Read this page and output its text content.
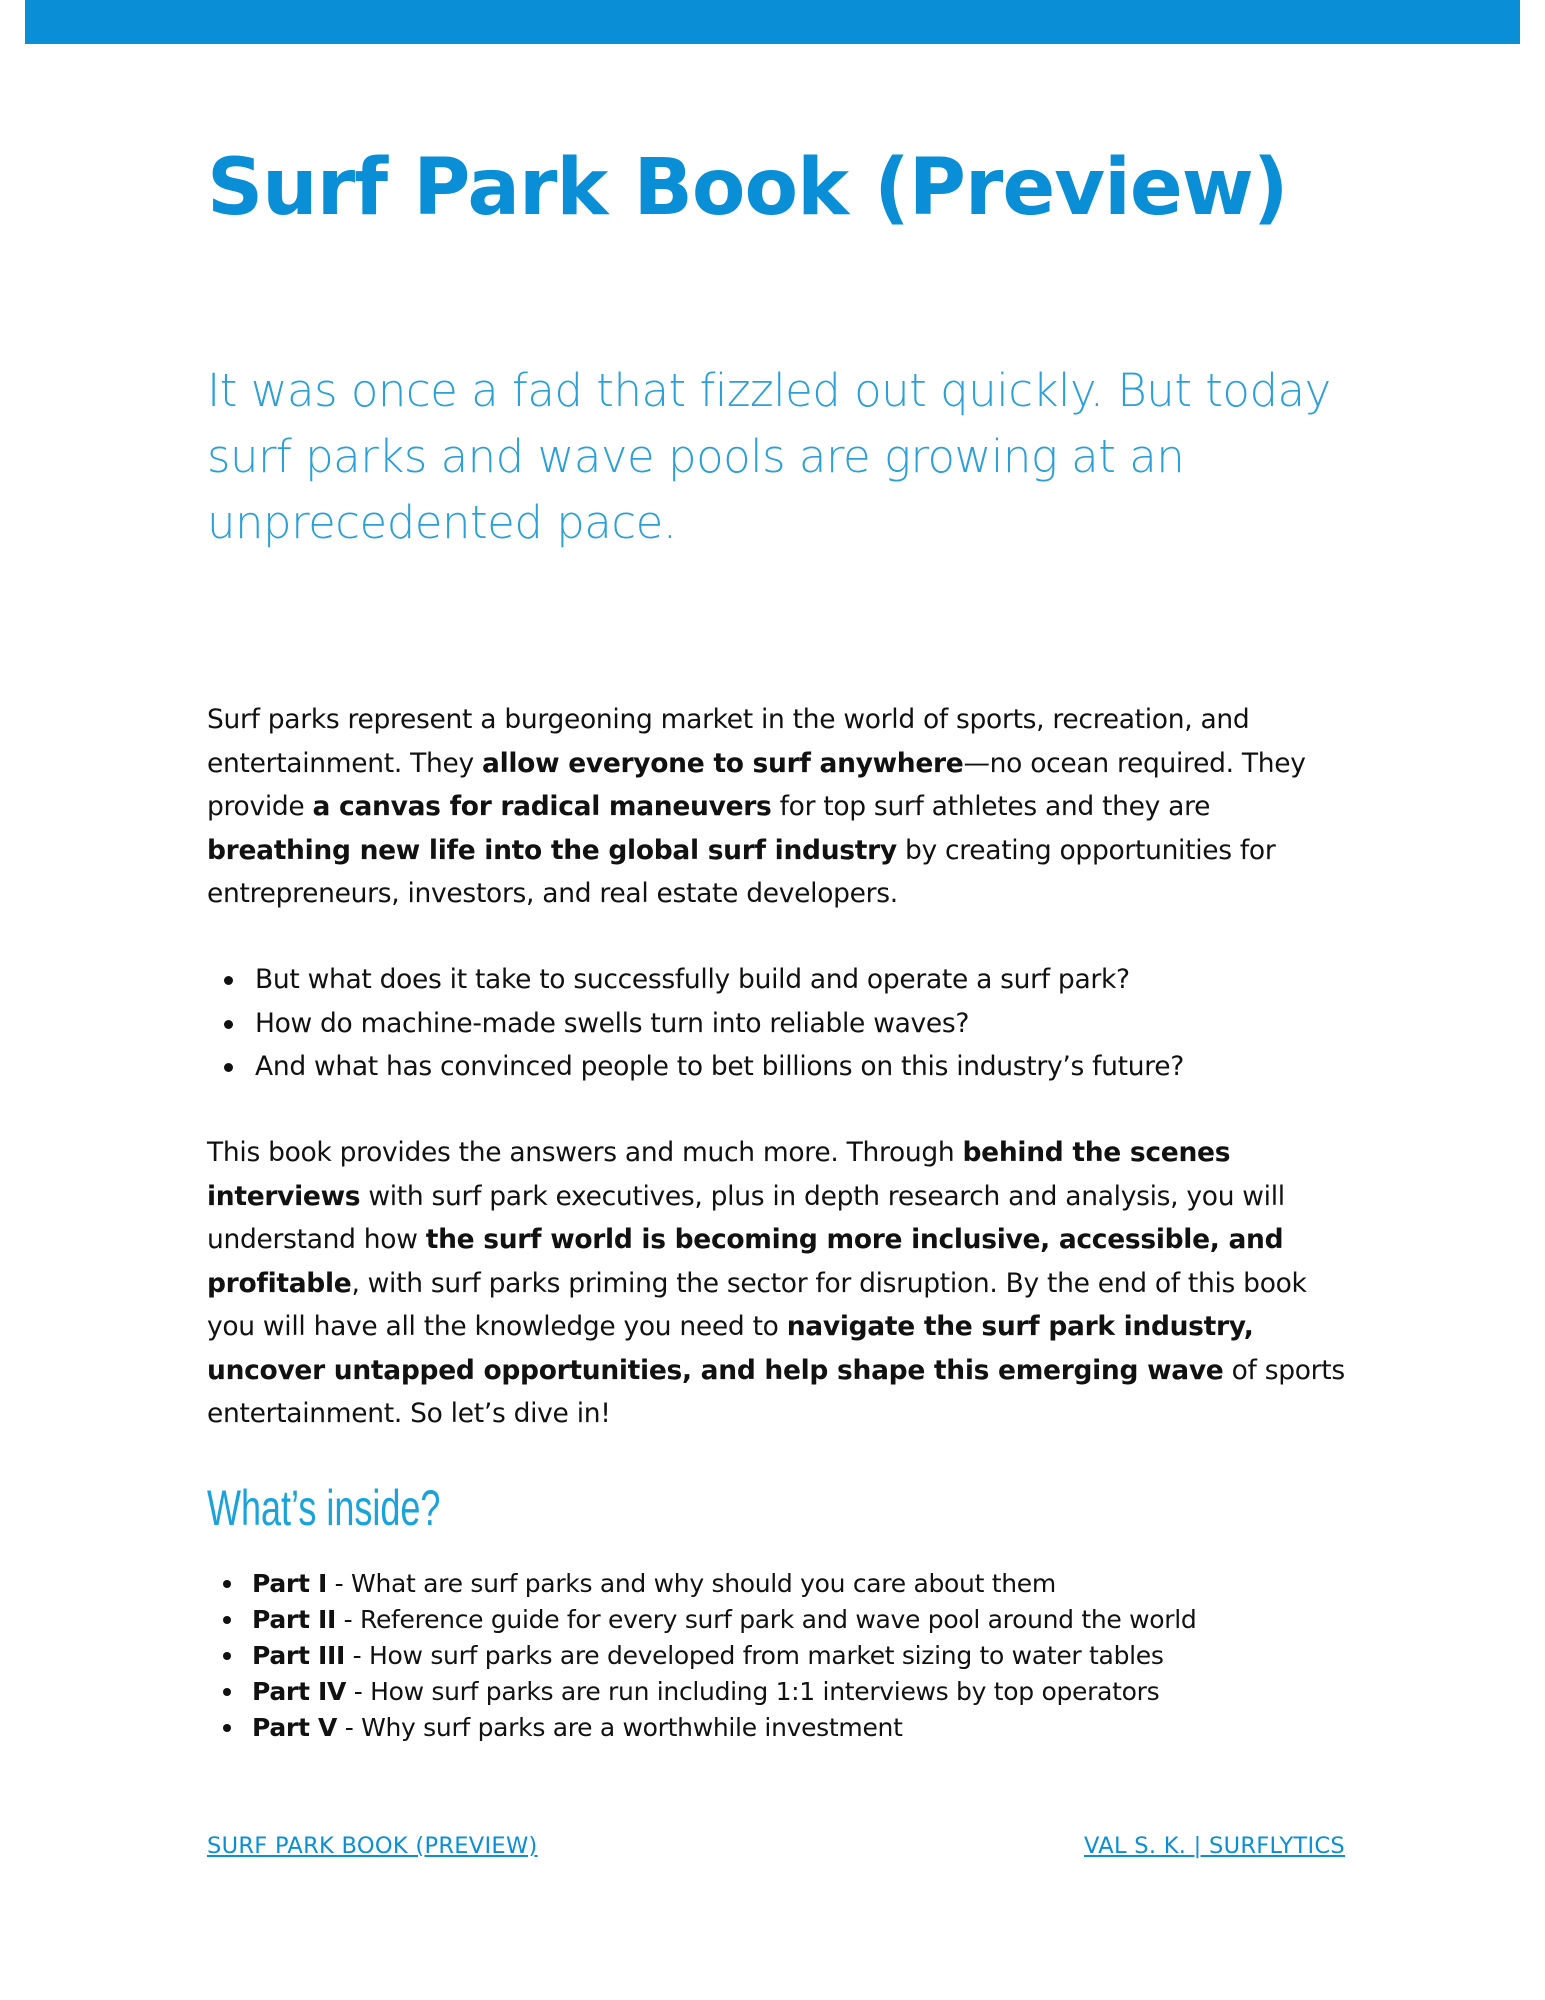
Surf Park Book (Preview)

It was once a fad that fizzled out quickly. But today surf parks and wave pools are growing at an unprecedented pace.

Surf parks represent a burgeoning market in the world of sports, recreation, and entertainment. They allow everyone to surf anywhere—no ocean required. They provide a canvas for radical maneuvers for top surf athletes and they are breathing new life into the global surf industry by creating opportunities for entrepreneurs, investors, and real estate developers.

But what does it take to successfully build and operate a surf park?
How do machine-made swells turn into reliable waves?
And what has convinced people to bet billions on this industry’s future?

This book provides the answers and much more. Through behind the scenes interviews with surf park executives, plus in depth research and analysis, you will understand how the surf world is becoming more inclusive, accessible, and profitable, with surf parks priming the sector for disruption. By the end of this book you will have all the knowledge you need to navigate the surf park industry, uncover untapped opportunities, and help shape this emerging wave of sports entertainment. So let’s dive in!

What’s inside?
Part I - What are surf parks and why should you care about them
Part II - Reference guide for every surf park and wave pool around the world
Part III - How surf parks are developed from market sizing to water tables
Part IV - How surf parks are run including 1:1 interviews by top operators
Part V - Why surf parks are a worthwhile investment
SURF PARK BOOK (PREVIEW)	VAL S. K. | SURFLYTICS
